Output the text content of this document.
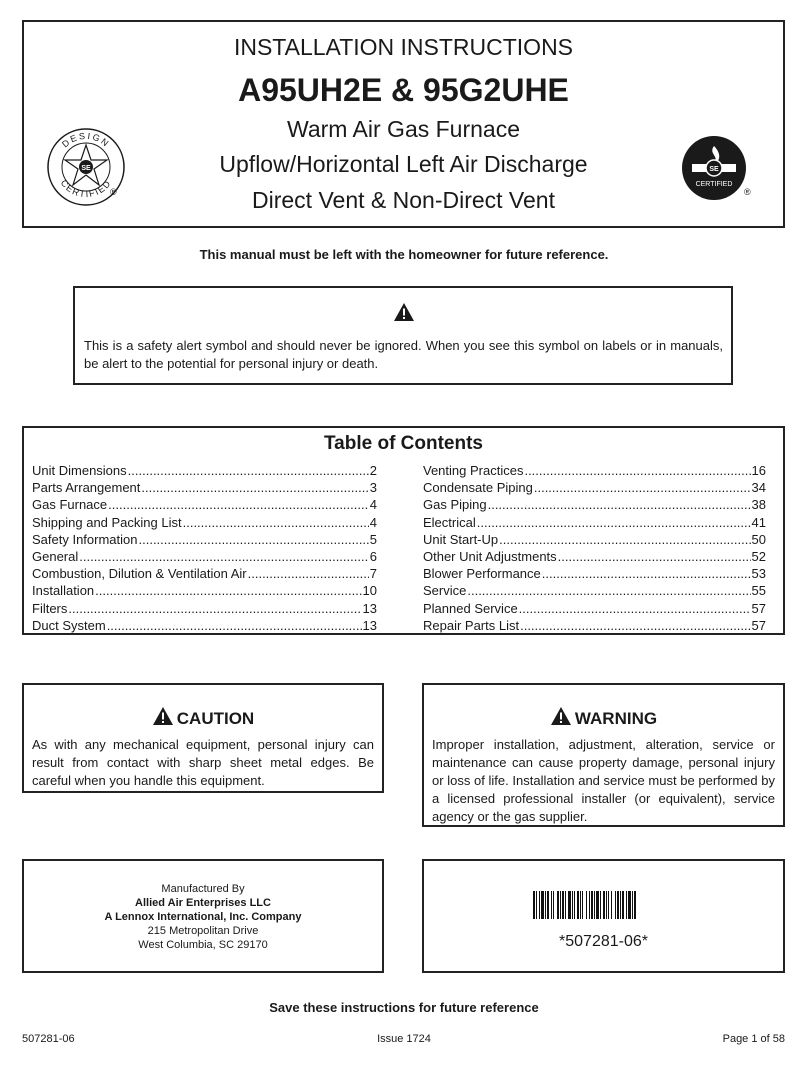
INSTALLATION INSTRUCTIONS
A95UH2E & 95G2UHE
Warm Air Gas Furnace
Upflow/Horizontal Left Air Discharge
Direct Vent & Non-Direct Vent
SE
DESIGN
CERTIFIED
®
SE
CERTIFIED
®
This manual must be left with the homeowner for future reference.
This is a safety alert symbol and should never be ignored. When you see this symbol on labels or in manuals, be alert to the potential for personal injury or death.
Table of Contents
Unit Dimensions .....	2
Parts Arrangement .....	3
Gas Furnace .....	4
Shipping and Packing List .....	4
Safety Information .....	5
General .....	6
Combustion, Dilution & Ventilation Air .....	7
Installation .....	10
Filters .....	13
Duct System .....	13
Venting Practices .....	16
Condensate Piping .....	34
Gas Piping .....	38
Electrical .....	41
Unit Start-Up .....	50
Other Unit Adjustments .....	52
Blower Performance .....	53
Service .....	55
Planned Service .....	57
Repair Parts List .....	57
CAUTION
As with any mechanical equipment, personal injury can result from contact with sharp sheet metal edges. Be careful when you handle this equipment.
WARNING
Improper installation, adjustment, alteration, service or maintenance can cause property damage, personal injury or loss of life. Installation and service must be performed by a licensed professional installer (or equivalent), service agency or the gas supplier.
Manufactured By
Allied Air Enterprises LLC
A Lennox International, Inc. Company
215 Metropolitan Drive
West Columbia, SC 29170	*507281-06*
Save these instructions for future reference
507281-06	Issue 1724	Page 1 of 58
